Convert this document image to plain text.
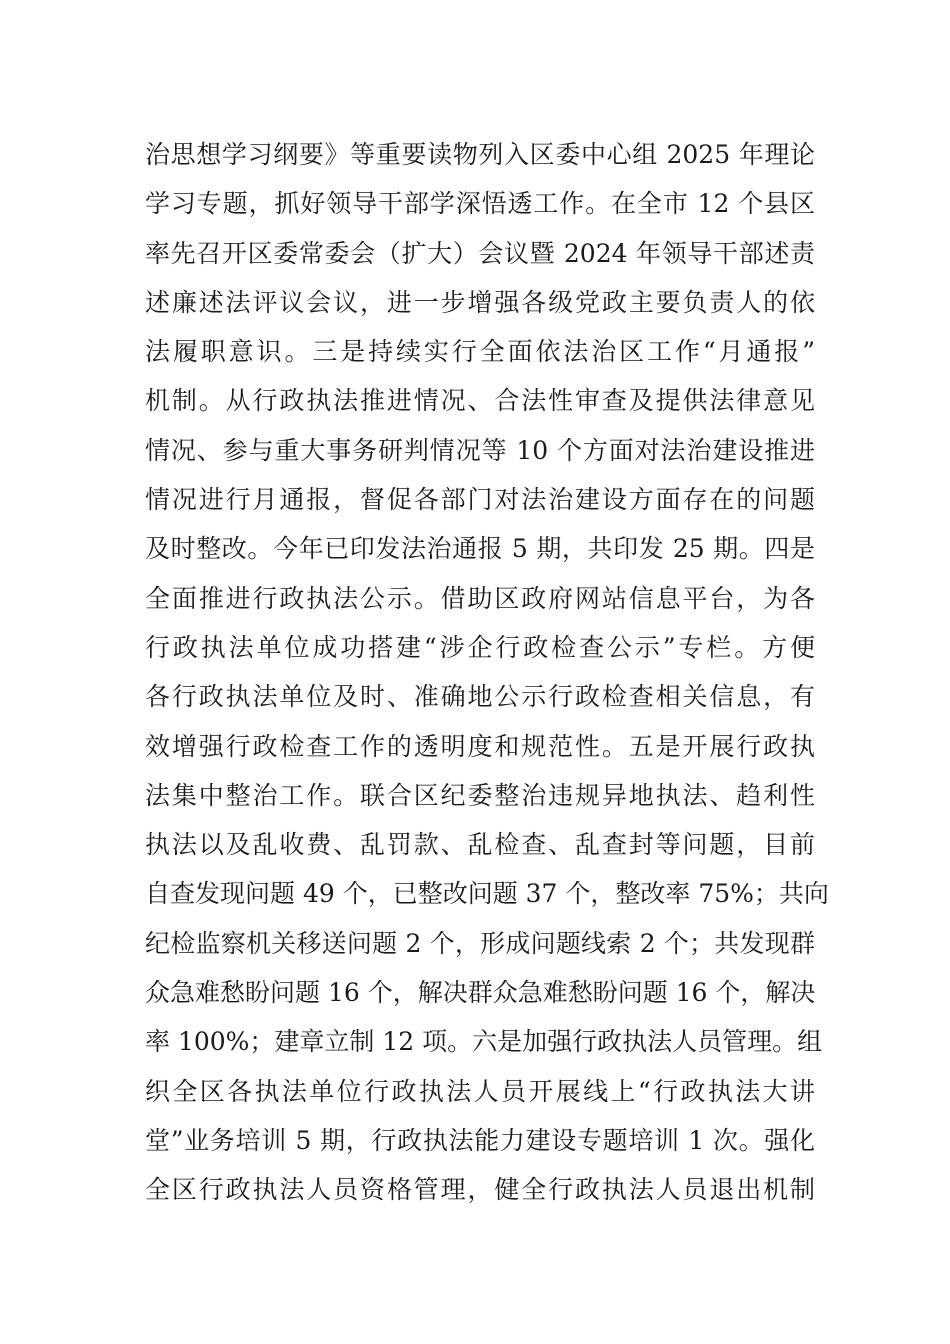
治思想学习纲要》等重要读物列入区委中心组 2025 年理论
学习专题，抓好领导干部学深悟透工作。在全市 12 个县区
率先召开区委常委会（扩大）会议暨 2024 年领导干部述责
述廉述法评议会议，进一步增强各级党政主要负责人的依
法履职意识。三是持续实行全面依法治区工作“月通报”
机制。从行政执法推进情况、合法性审查及提供法律意见
情况、参与重大事务研判情况等 10 个方面对法治建设推进
情况进行月通报，督促各部门对法治建设方面存在的问题
及时整改。今年已印发法治通报 5 期，共印发 25 期。四是
全面推进行政执法公示。借助区政府网站信息平台，为各
行政执法单位成功搭建“涉企行政检查公示”专栏。方便
各行政执法单位及时、准确地公示行政检查相关信息，有
效增强行政检查工作的透明度和规范性。五是开展行政执
法集中整治工作。联合区纪委整治违规异地执法、趋利性
执法以及乱收费、乱罚款、乱检查、乱查封等问题，目前
自查发现问题 49 个，已整改问题 37 个，整改率 75%；共向
纪检监察机关移送问题 2 个，形成问题线索 2 个；共发现群
众急难愁盼问题 16 个，解决群众急难愁盼问题 16 个，解决
率 100%；建章立制 12 项。六是加强行政执法人员管理。组
织全区各执法单位行政执法人员开展线上“行政执法大讲
堂”业务培训 5 期，行政执法能力建设专题培训 1 次。强化
全区行政执法人员资格管理，健全行政执法人员退出机制
